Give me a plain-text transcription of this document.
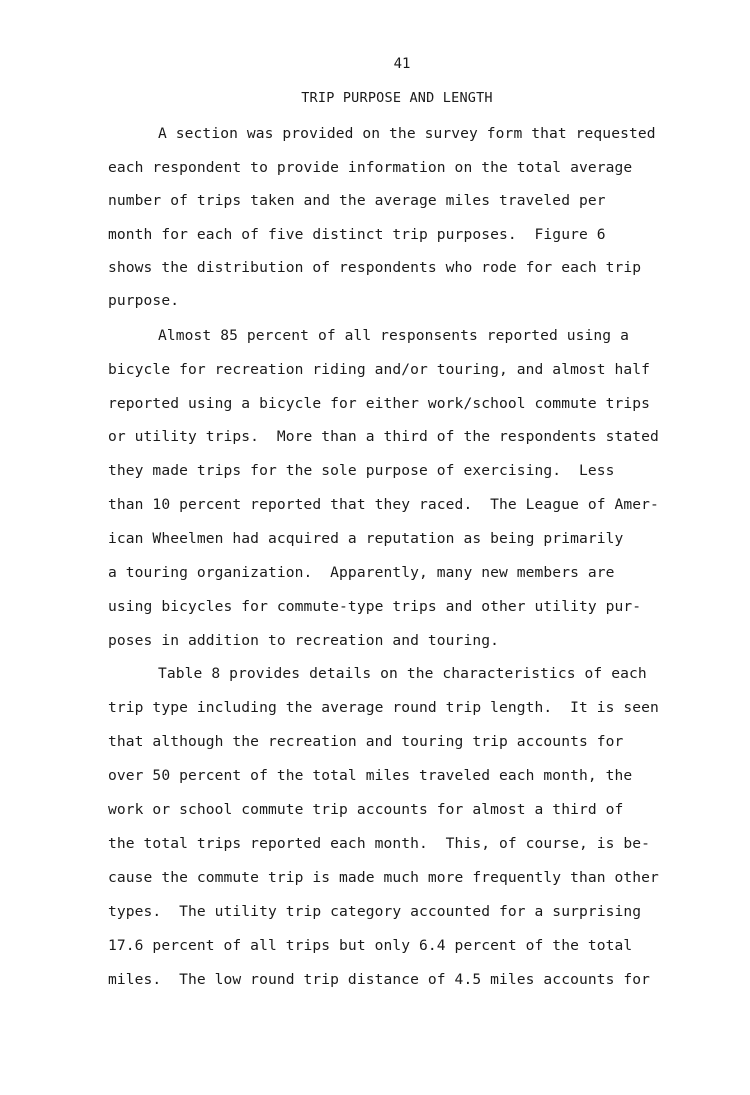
41
TRIP PURPOSE AND LENGTH
A section was provided on the survey form that requested
each respondent to provide information on the total average
number of trips taken and the average miles traveled per
month for each of five distinct trip purposes.  Figure 6
shows the distribution of respondents who rode for each trip
purpose.
Almost 85 percent of all responsents reported using a
bicycle for recreation riding and/or touring, and almost half
reported using a bicycle for either work/school commute trips
or utility trips.  More than a third of the respondents stated
they made trips for the sole purpose of exercising.  Less
than 10 percent reported that they raced.  The League of Amer-
ican Wheelmen had acquired a reputation as being primarily
a touring organization.  Apparently, many new members are
using bicycles for commute-type trips and other utility pur-
poses in addition to recreation and touring.
Table 8 provides details on the characteristics of each
trip type including the average round trip length.  It is seen
that although the recreation and touring trip accounts for
over 50 percent of the total miles traveled each month, the
work or school commute trip accounts for almost a third of
the total trips reported each month.  This, of course, is be-
cause the commute trip is made much more frequently than other
types.  The utility trip category accounted for a surprising
17.6 percent of all trips but only 6.4 percent of the total
miles.  The low round trip distance of 4.5 miles accounts for
